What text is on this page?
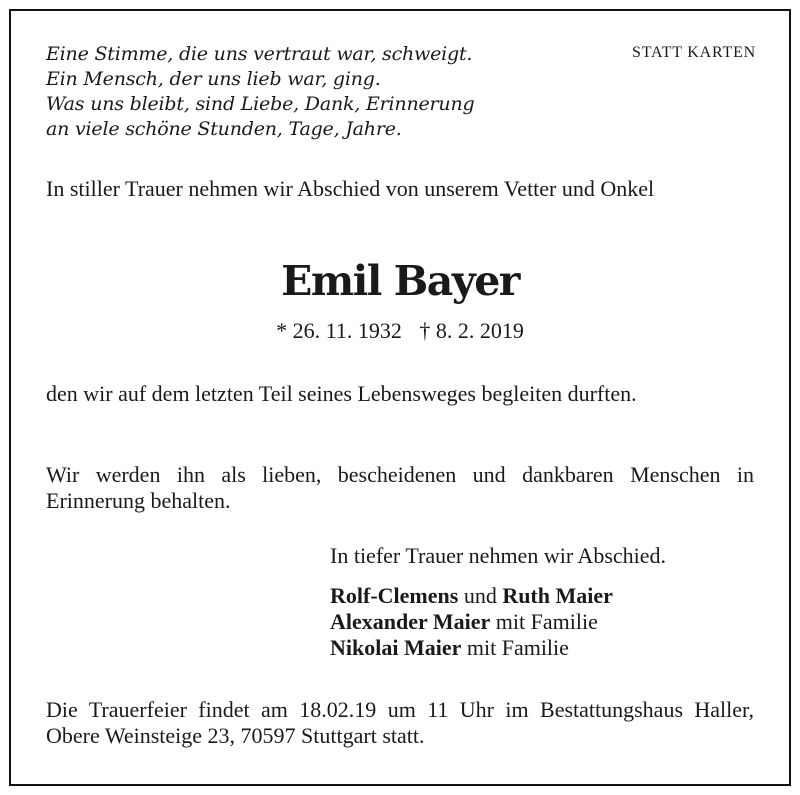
Eine Stimme, die uns vertraut war, schweigt.
Ein Mensch, der uns lieb war, ging.
Was uns bleibt, sind Liebe, Dank, Erinnerung
an viele schöne Stunden, Tage, Jahre.
STATT KARTEN
In stiller Trauer nehmen wir Abschied von unserem Vetter und Onkel
Emil Bayer
* 26. 11. 1932 † 8. 2. 2019
den wir auf dem letzten Teil seines Lebensweges begleiten durften.
Wir werden ihn als lieben, bescheidenen und dankbaren Menschen in Erinnerung behalten.
In tiefer Trauer nehmen wir Abschied.
Rolf-Clemens und Ruth Maier
Alexander Maier mit Familie
Nikolai Maier mit Familie
Die Trauerfeier findet am 18.02.19 um 11 Uhr im Bestattungshaus Haller, Obere Weinsteige 23, 70597 Stuttgart statt.
